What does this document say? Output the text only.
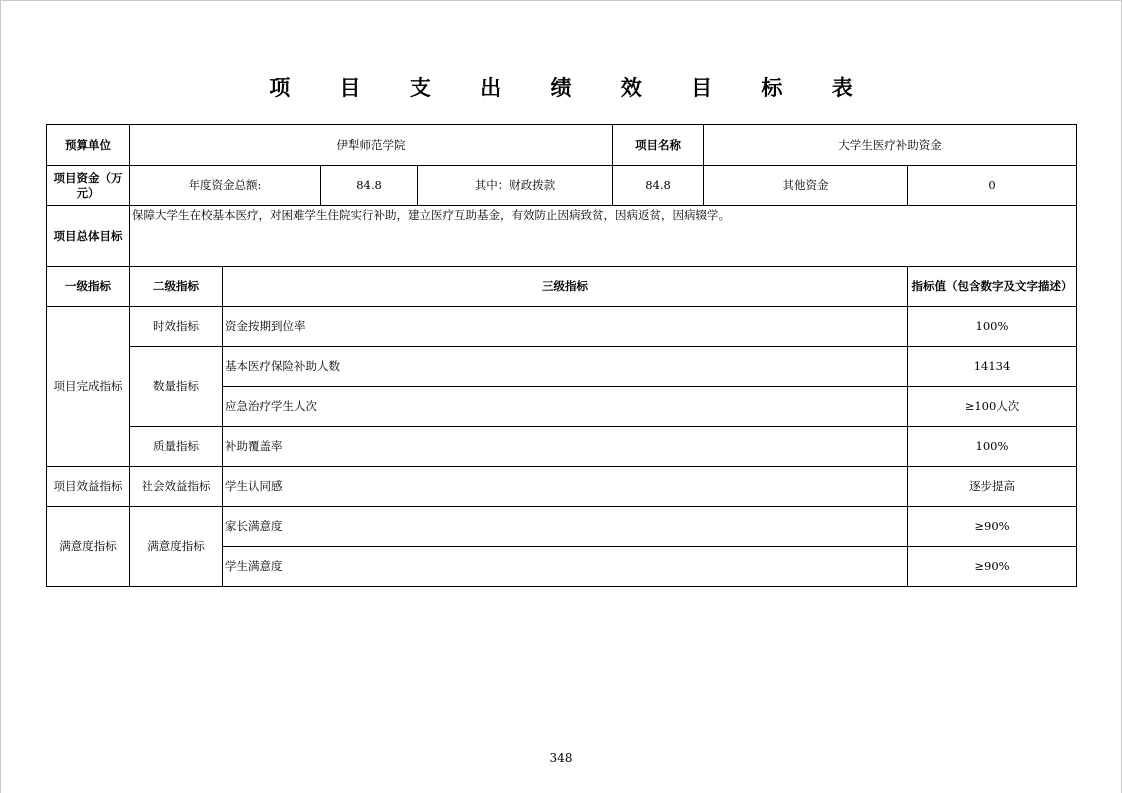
项 目 支 出 绩 效 目 标 表
预算单位	伊犁师范学院				项目名称	大学生医疗补助资金	
项目资金（万元）	年度资金总额:		84.8	其中：财政拨款	84.8	其他资金	0
项目总体目标	保障大学生在校基本医疗，对困难学生住院实行补助，建立医疗互助基金，有效防止因病致贫，因病返贫，因病辍学。						
一级指标	二级指标	三级指标					指标值（包含数字及文字描述）
项目完成指标	时效指标	资金按期到位率					100%
	数量指标	基本医疗保险补助人数					14134
		应急治疗学生人次					≥100人次
	质量指标	补助覆盖率					100%
项目效益指标	社会效益指标	学生认同感					逐步提高
满意度指标	满意度指标	家长满意度					≥90%
		学生满意度					≥90%
348
